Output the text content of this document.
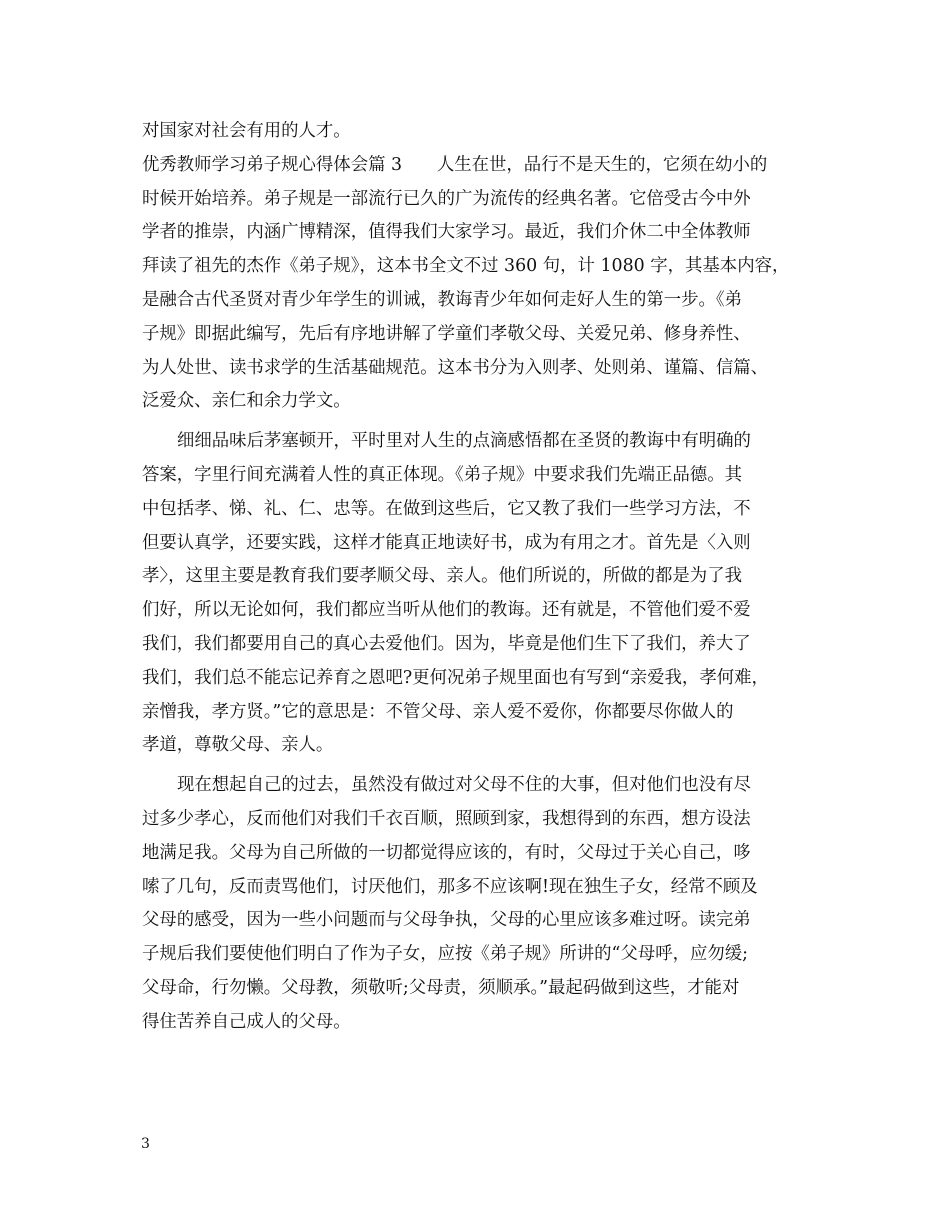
对国家对社会有用的人才。
优秀教师学习弟子规心得体会篇 3　　人生在世，品行不是天生的，它须在幼小的
时候开始培养。弟子规是一部流行已久的广为流传的经典名著。它倍受古今中外
学者的推崇，内涵广博精深，值得我们大家学习。最近，我们介休二中全体教师
拜读了祖先的杰作《弟子规》，这本书全文不过 360 句，计 1080 字，其基本内容，
是融合古代圣贤对青少年学生的训诫，教诲青少年如何走好人生的第一步。《弟
子规》即据此编写，先后有序地讲解了学童们孝敬父母、关爱兄弟、修身养性、
为人处世、读书求学的生活基础规范。这本书分为入则孝、处则弟、谨篇、信篇、
泛爱众、亲仁和余力学文。
细细品味后茅塞顿开，平时里对人生的点滴感悟都在圣贤的教诲中有明确的
答案，字里行间充满着人性的真正体现。《弟子规》中要求我们先端正品德。其
中包括孝、悌、礼、仁、忠等。在做到这些后，它又教了我们一些学习方法，不
但要认真学，还要实践，这样才能真正地读好书，成为有用之才。首先是〈入则
孝〉，这里主要是教育我们要孝顺父母、亲人。他们所说的，所做的都是为了我
们好，所以无论如何，我们都应当听从他们的教诲。还有就是，不管他们爱不爱
我们，我们都要用自己的真心去爱他们。因为，毕竟是他们生下了我们，养大了
我们，我们总不能忘记养育之恩吧?更何况弟子规里面也有写到“亲爱我，孝何难，
亲憎我，孝方贤。”它的意思是：不管父母、亲人爱不爱你，你都要尽你做人的
孝道，尊敬父母、亲人。
现在想起自己的过去，虽然没有做过对父母不住的大事，但对他们也没有尽
过多少孝心，反而他们对我们千衣百顺，照顾到家，我想得到的东西，想方设法
地满足我。父母为自己所做的一切都觉得应该的，有时，父母过于关心自己，哆
嗦了几句，反而责骂他们，讨厌他们，那多不应该啊!现在独生子女，经常不顾及
父母的感受，因为一些小问题而与父母争执，父母的心里应该多难过呀。读完弟
子规后我们要使他们明白了作为子女，应按《弟子规》所讲的“父母呼，应勿缓;
父母命，行勿懒。父母教，须敬听;父母责，须顺承。”最起码做到这些，才能对
得住苦养自己成人的父母。
3
